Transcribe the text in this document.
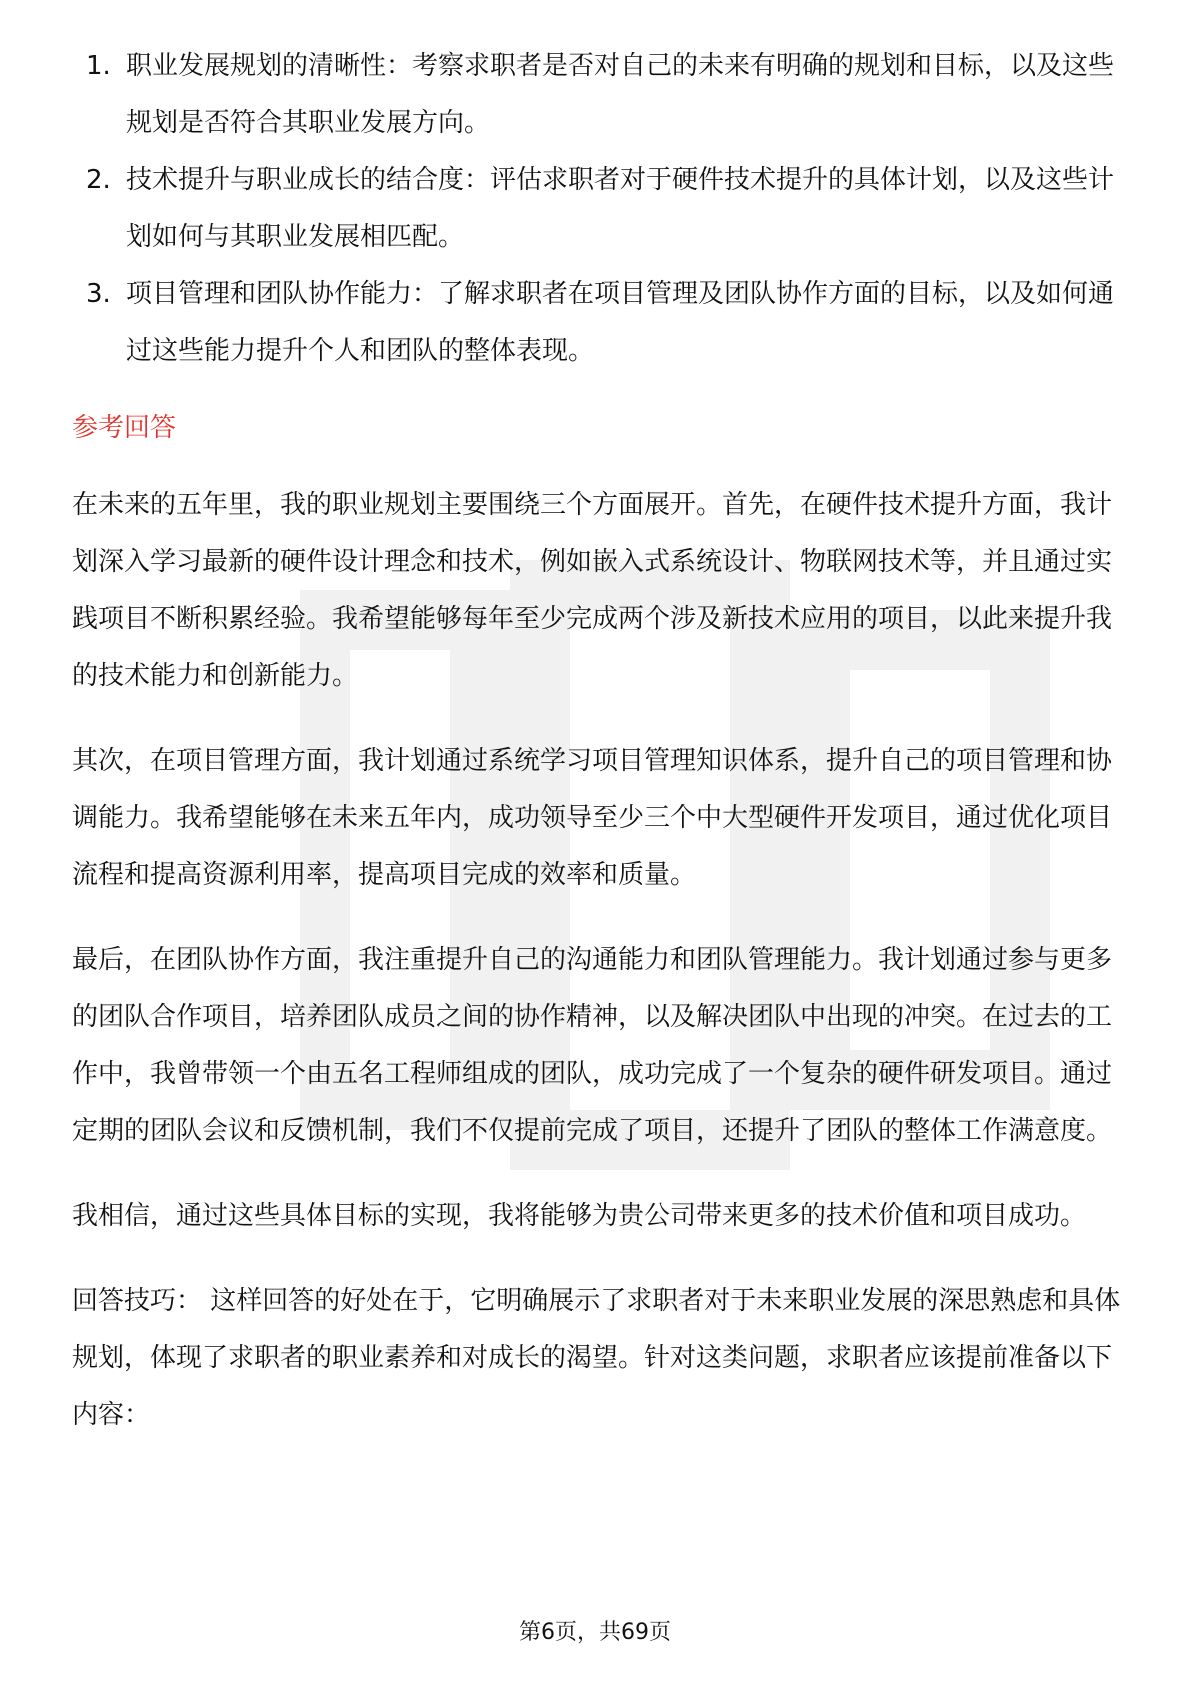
1. 职业发展规划的清晰性：考察求职者是否对自己的未来有明确的规划和目标，以及这些规划是否符合其职业发展方向。
2. 技术提升与职业成长的结合度：评估求职者对于硬件技术提升的具体计划，以及这些计划如何与其职业发展相匹配。
3. 项目管理和团队协作能力：了解求职者在项目管理及团队协作方面的目标，以及如何通过这些能力提升个人和团队的整体表现。
参考回答

在未来的五年里，我的职业规划主要围绕三个方面展开。首先，在硬件技术提升方面，我计划深入学习最新的硬件设计理念和技术，例如嵌入式系统设计、物联网技术等，并且通过实践项目不断积累经验。我希望能够每年至少完成两个涉及新技术应用的项目，以此来提升我的技术能力和创新能力。

其次，在项目管理方面，我计划通过系统学习项目管理知识体系，提升自己的项目管理和协调能力。我希望能够在未来五年内，成功领导至少三个中大型硬件开发项目，通过优化项目流程和提高资源利用率，提高项目完成的效率和质量。

最后，在团队协作方面，我注重提升自己的沟通能力和团队管理能力。我计划通过参与更多的团队合作项目，培养团队成员之间的协作精神，以及解决团队中出现的冲突。在过去的工作中，我曾带领一个由五名工程师组成的团队，成功完成了一个复杂的硬件研发项目。通过定期的团队会议和反馈机制，我们不仅提前完成了项目，还提升了团队的整体工作满意度。

我相信，通过这些具体目标的实现，我将能够为贵公司带来更多的技术价值和项目成功。

回答技巧： 这样回答的好处在于，它明确展示了求职者对于未来职业发展的深思熟虑和具体规划，体现了求职者的职业素养和对成长的渴望。针对这类问题，求职者应该提前准备以下内容：

第6页，共69页
